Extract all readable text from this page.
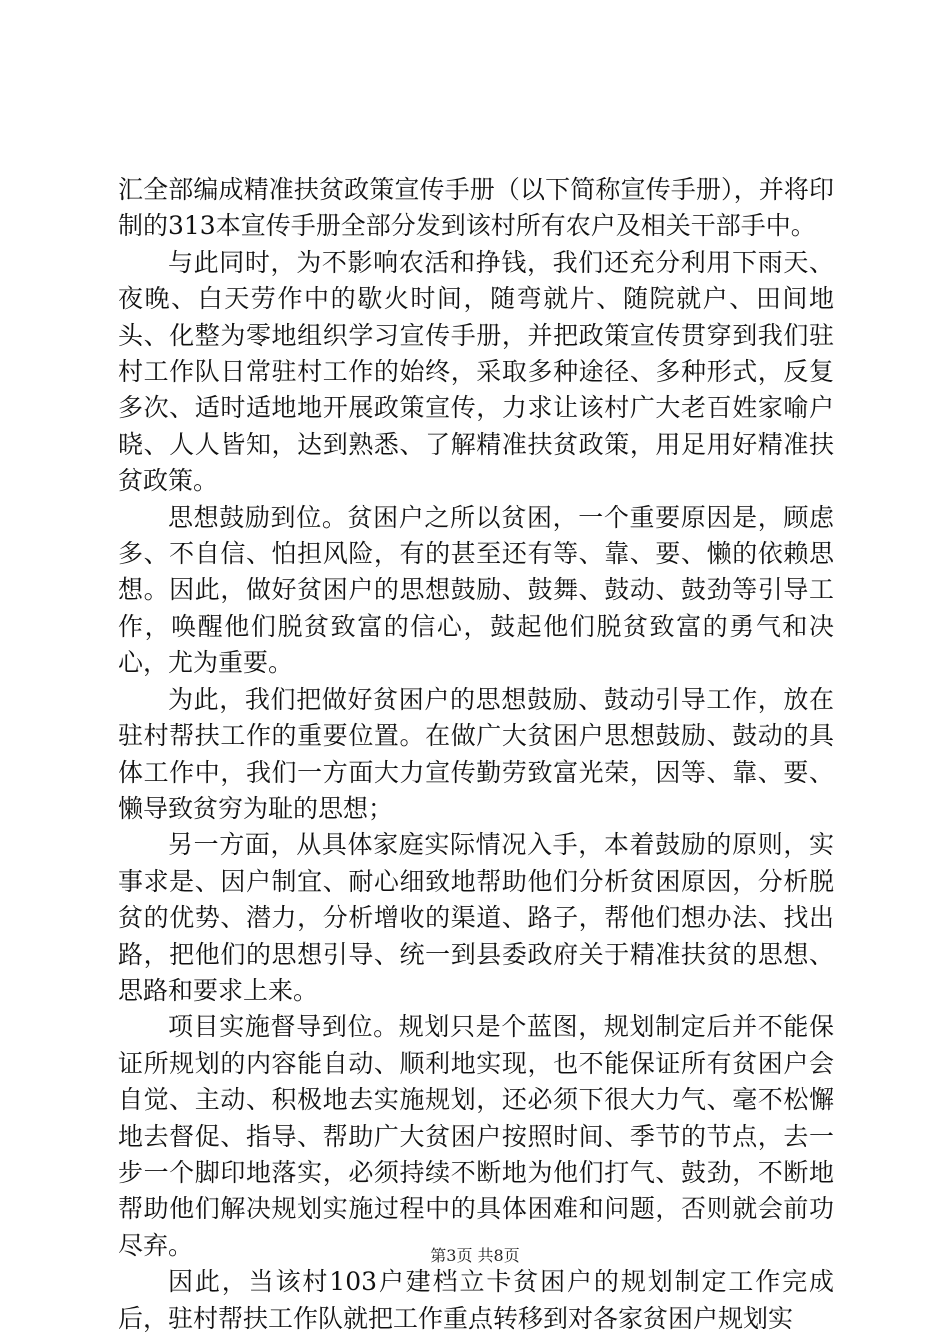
汇全部编成精准扶贫政策宣传手册（以下简称宣传手册），并将印制的313本宣传手册全部分发到该村所有农户及相关干部手中。

与此同时，为不影响农活和挣钱，我们还充分利用下雨天、夜晚、白天劳作中的歇火时间，随弯就片、随院就户、田间地头、化整为零地组织学习宣传手册，并把政策宣传贯穿到我们驻村工作队日常驻村工作的始终，采取多种途径、多种形式，反复多次、适时适地地开展政策宣传，力求让该村广大老百姓家喻户晓、人人皆知，达到熟悉、了解精准扶贫政策，用足用好精准扶贫政策。

思想鼓励到位。贫困户之所以贫困，一个重要原因是，顾虑多、不自信、怕担风险，有的甚至还有等、靠、要、懒的依赖思想。因此，做好贫困户的思想鼓励、鼓舞、鼓动、鼓劲等引导工作，唤醒他们脱贫致富的信心，鼓起他们脱贫致富的勇气和决心，尤为重要。

为此，我们把做好贫困户的思想鼓励、鼓动引导工作，放在驻村帮扶工作的重要位置。在做广大贫困户思想鼓励、鼓动的具体工作中，我们一方面大力宣传勤劳致富光荣，因等、靠、要、懒导致贫穷为耻的思想；

另一方面，从具体家庭实际情况入手，本着鼓励的原则，实事求是、因户制宜、耐心细致地帮助他们分析贫困原因，分析脱贫的优势、潜力，分析增收的渠道、路子，帮他们想办法、找出路，把他们的思想引导、统一到县委政府关于精准扶贫的思想、思路和要求上来。

项目实施督导到位。规划只是个蓝图，规划制定后并不能保证所规划的内容能自动、顺利地实现，也不能保证所有贫困户会自觉、主动、积极地去实施规划，还必须下很大力气、毫不松懈地去督促、指导、帮助广大贫困户按照时间、季节的节点，去一步一个脚印地落实，必须持续不断地为他们打气、鼓劲，不断地帮助他们解决规划实施过程中的具体困难和问题，否则就会前功尽弃。

因此，当该村103户建档立卡贫困户的规划制定工作完成后，驻村帮扶工作队就把工作重点转移到对各家贫困户规划实

第3页 共8页
